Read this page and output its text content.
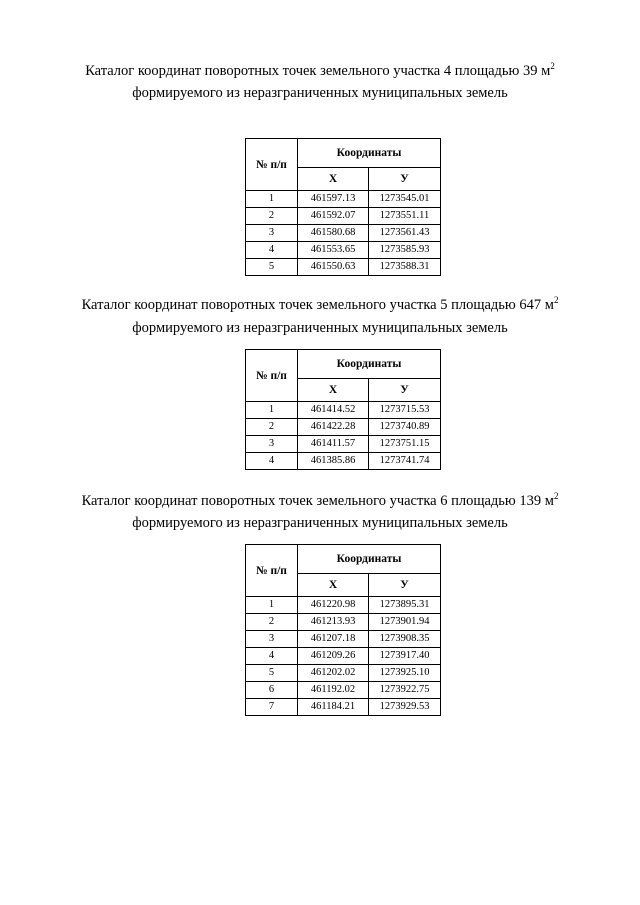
Каталог координат поворотных точек земельного участка 4 площадью 39 $м^2$
формируемого из неразграниченных муниципальных земель
№ п/п	Координаты	
	Х	У
1	461597.13	1273545.01
2	461592.07	1273551.11
3	461580.68	1273561.43
4	461553.65	1273585.93
5	461550.63	1273588.31
Каталог координат поворотных точек земельного участка 5 площадью 647 $м^2$
формируемого из неразграниченных муниципальных земель
№ п/п	Координаты	
	Х	У
1	461414.52	1273715.53
2	461422.28	1273740.89
3	461411.57	1273751.15
4	461385.86	1273741.74
Каталог координат поворотных точек земельного участка 6 площадью 139 $м^2$
формируемого из неразграниченных муниципальных земель
№ п/п	Координаты	
	Х	У
1	461220.98	1273895.31
2	461213.93	1273901.94
3	461207.18	1273908.35
4	461209.26	1273917.40
5	461202.02	1273925.10
6	461192.02	1273922.75
7	461184.21	1273929.53
